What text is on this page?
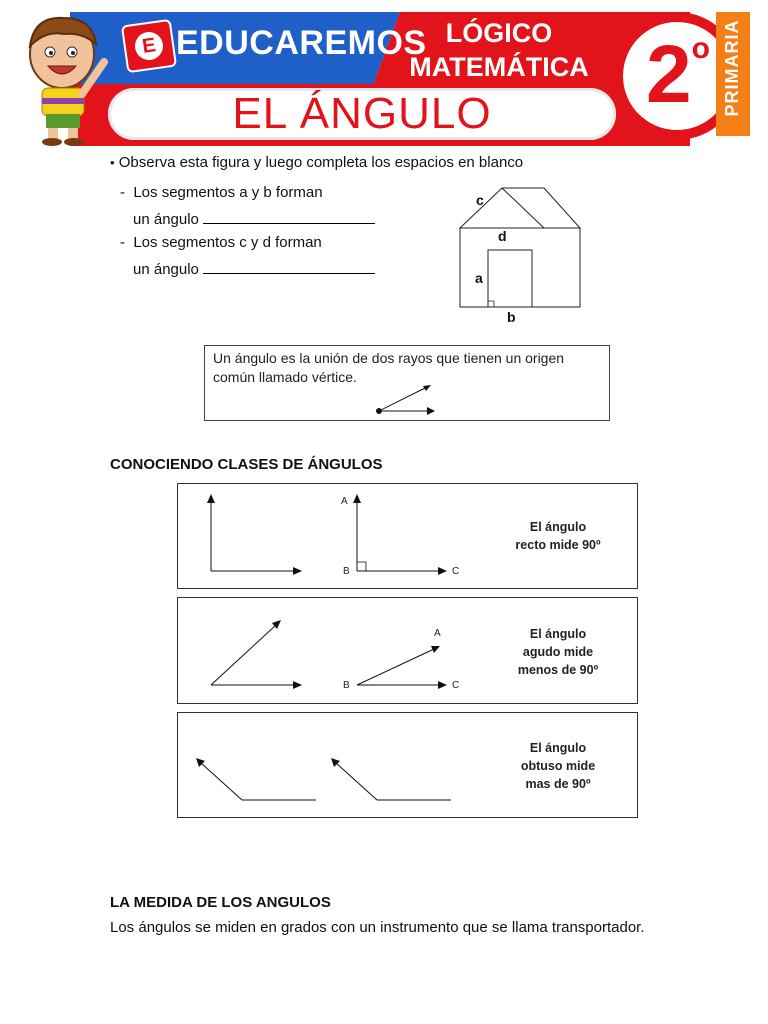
E EDUCAREMOS LÓGICO
MATEMÁTICA
EL ÁNGULO 2o PRIMARIA
• Observa esta figura y luego completa los espacios en blanco
-  Los segmentos a y b forman
un ángulo
-  Los segmentos c y d forman
un ángulo
c
d
a
b
Un ángulo es la unión de dos rayos que tienen un origen común llamado vértice.
CONOCIENDO CLASES DE ÁNGULOS
A
B	C
El ángulo
recto mide 90º
A
B	C
El ángulo
agudo mide
menos de 90º
El ángulo
obtuso mide
mas de 90º
LA MEDIDA DE LOS ANGULOS
Los ángulos se miden en grados con un instrumento que se llama transportador.
